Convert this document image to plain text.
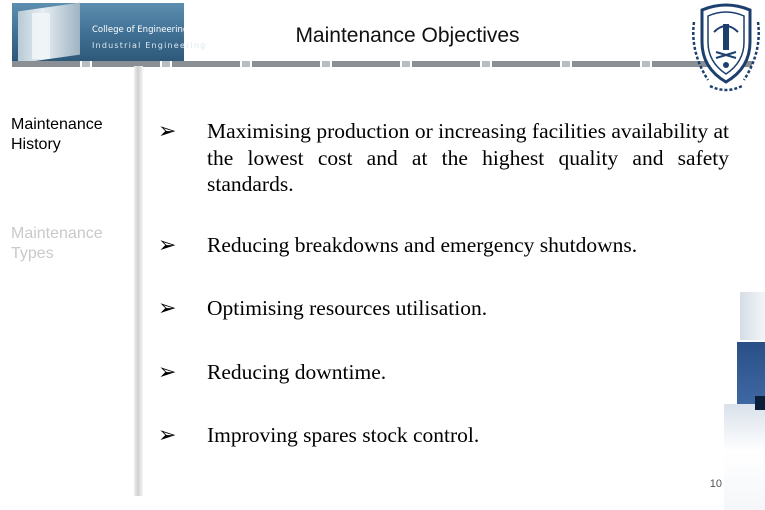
College of Engineering
Industrial Engineering	Maintenance Objectives
Maintenance History
Maintenance Types
➢ Maximising production or increasing facilities availability at the lowest cost and at the highest quality and safety standards.
➢ Reducing breakdowns and emergency shutdowns.
➢ Optimising resources utilisation.
➢ Reducing downtime.
➢ Improving spares stock control.
10
